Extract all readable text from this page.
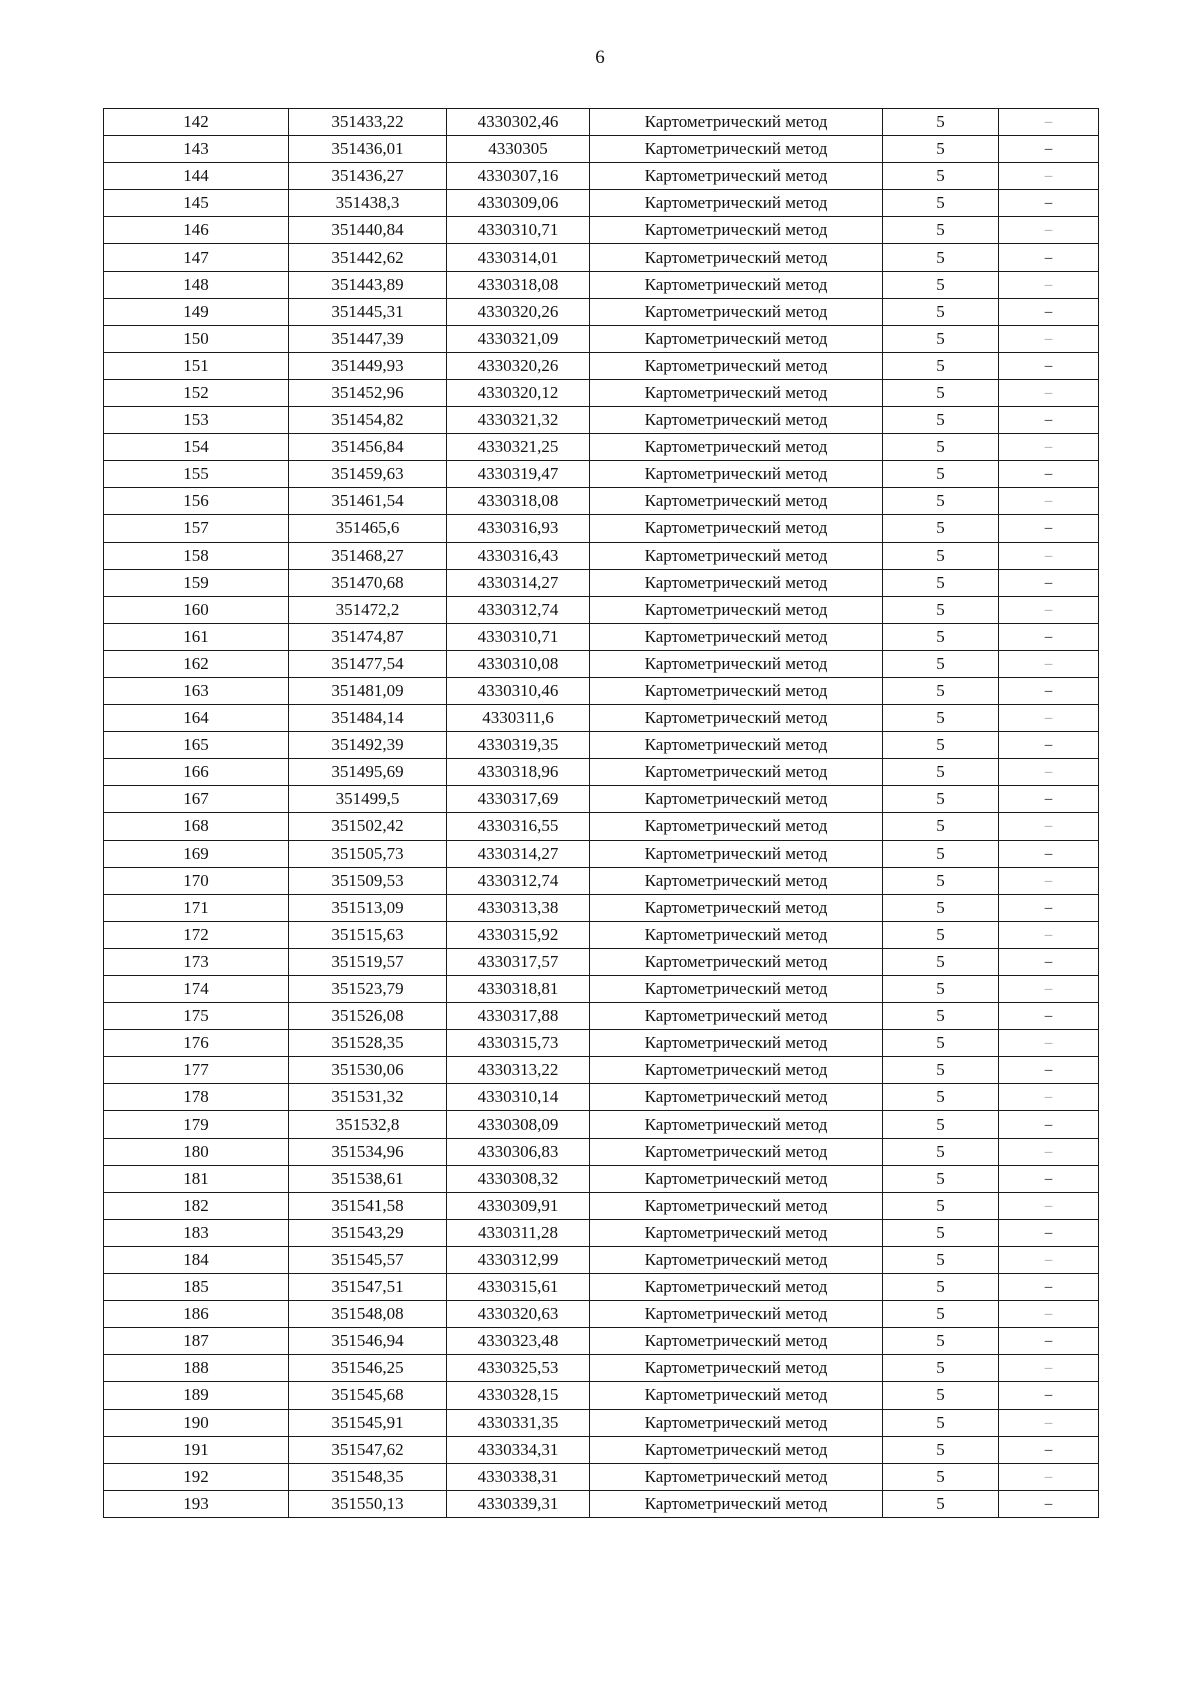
6
142	351433,22	4330302,46	Картометрический метод	5	–
143	351436,01	4330305	Картометрический метод	5	–
144	351436,27	4330307,16	Картометрический метод	5	–
145	351438,3	4330309,06	Картометрический метод	5	–
146	351440,84	4330310,71	Картометрический метод	5	–
147	351442,62	4330314,01	Картометрический метод	5	–
148	351443,89	4330318,08	Картометрический метод	5	–
149	351445,31	4330320,26	Картометрический метод	5	–
150	351447,39	4330321,09	Картометрический метод	5	–
151	351449,93	4330320,26	Картометрический метод	5	–
152	351452,96	4330320,12	Картометрический метод	5	–
153	351454,82	4330321,32	Картометрический метод	5	–
154	351456,84	4330321,25	Картометрический метод	5	–
155	351459,63	4330319,47	Картометрический метод	5	–
156	351461,54	4330318,08	Картометрический метод	5	–
157	351465,6	4330316,93	Картометрический метод	5	–
158	351468,27	4330316,43	Картометрический метод	5	–
159	351470,68	4330314,27	Картометрический метод	5	–
160	351472,2	4330312,74	Картометрический метод	5	–
161	351474,87	4330310,71	Картометрический метод	5	–
162	351477,54	4330310,08	Картометрический метод	5	–
163	351481,09	4330310,46	Картометрический метод	5	–
164	351484,14	4330311,6	Картометрический метод	5	–
165	351492,39	4330319,35	Картометрический метод	5	–
166	351495,69	4330318,96	Картометрический метод	5	–
167	351499,5	4330317,69	Картометрический метод	5	–
168	351502,42	4330316,55	Картометрический метод	5	–
169	351505,73	4330314,27	Картометрический метод	5	–
170	351509,53	4330312,74	Картометрический метод	5	–
171	351513,09	4330313,38	Картометрический метод	5	–
172	351515,63	4330315,92	Картометрический метод	5	–
173	351519,57	4330317,57	Картометрический метод	5	–
174	351523,79	4330318,81	Картометрический метод	5	–
175	351526,08	4330317,88	Картометрический метод	5	–
176	351528,35	4330315,73	Картометрический метод	5	–
177	351530,06	4330313,22	Картометрический метод	5	–
178	351531,32	4330310,14	Картометрический метод	5	–
179	351532,8	4330308,09	Картометрический метод	5	–
180	351534,96	4330306,83	Картометрический метод	5	–
181	351538,61	4330308,32	Картометрический метод	5	–
182	351541,58	4330309,91	Картометрический метод	5	–
183	351543,29	4330311,28	Картометрический метод	5	–
184	351545,57	4330312,99	Картометрический метод	5	–
185	351547,51	4330315,61	Картометрический метод	5	–
186	351548,08	4330320,63	Картометрический метод	5	–
187	351546,94	4330323,48	Картометрический метод	5	–
188	351546,25	4330325,53	Картометрический метод	5	–
189	351545,68	4330328,15	Картометрический метод	5	–
190	351545,91	4330331,35	Картометрический метод	5	–
191	351547,62	4330334,31	Картометрический метод	5	–
192	351548,35	4330338,31	Картометрический метод	5	–
193	351550,13	4330339,31	Картометрический метод	5	–
